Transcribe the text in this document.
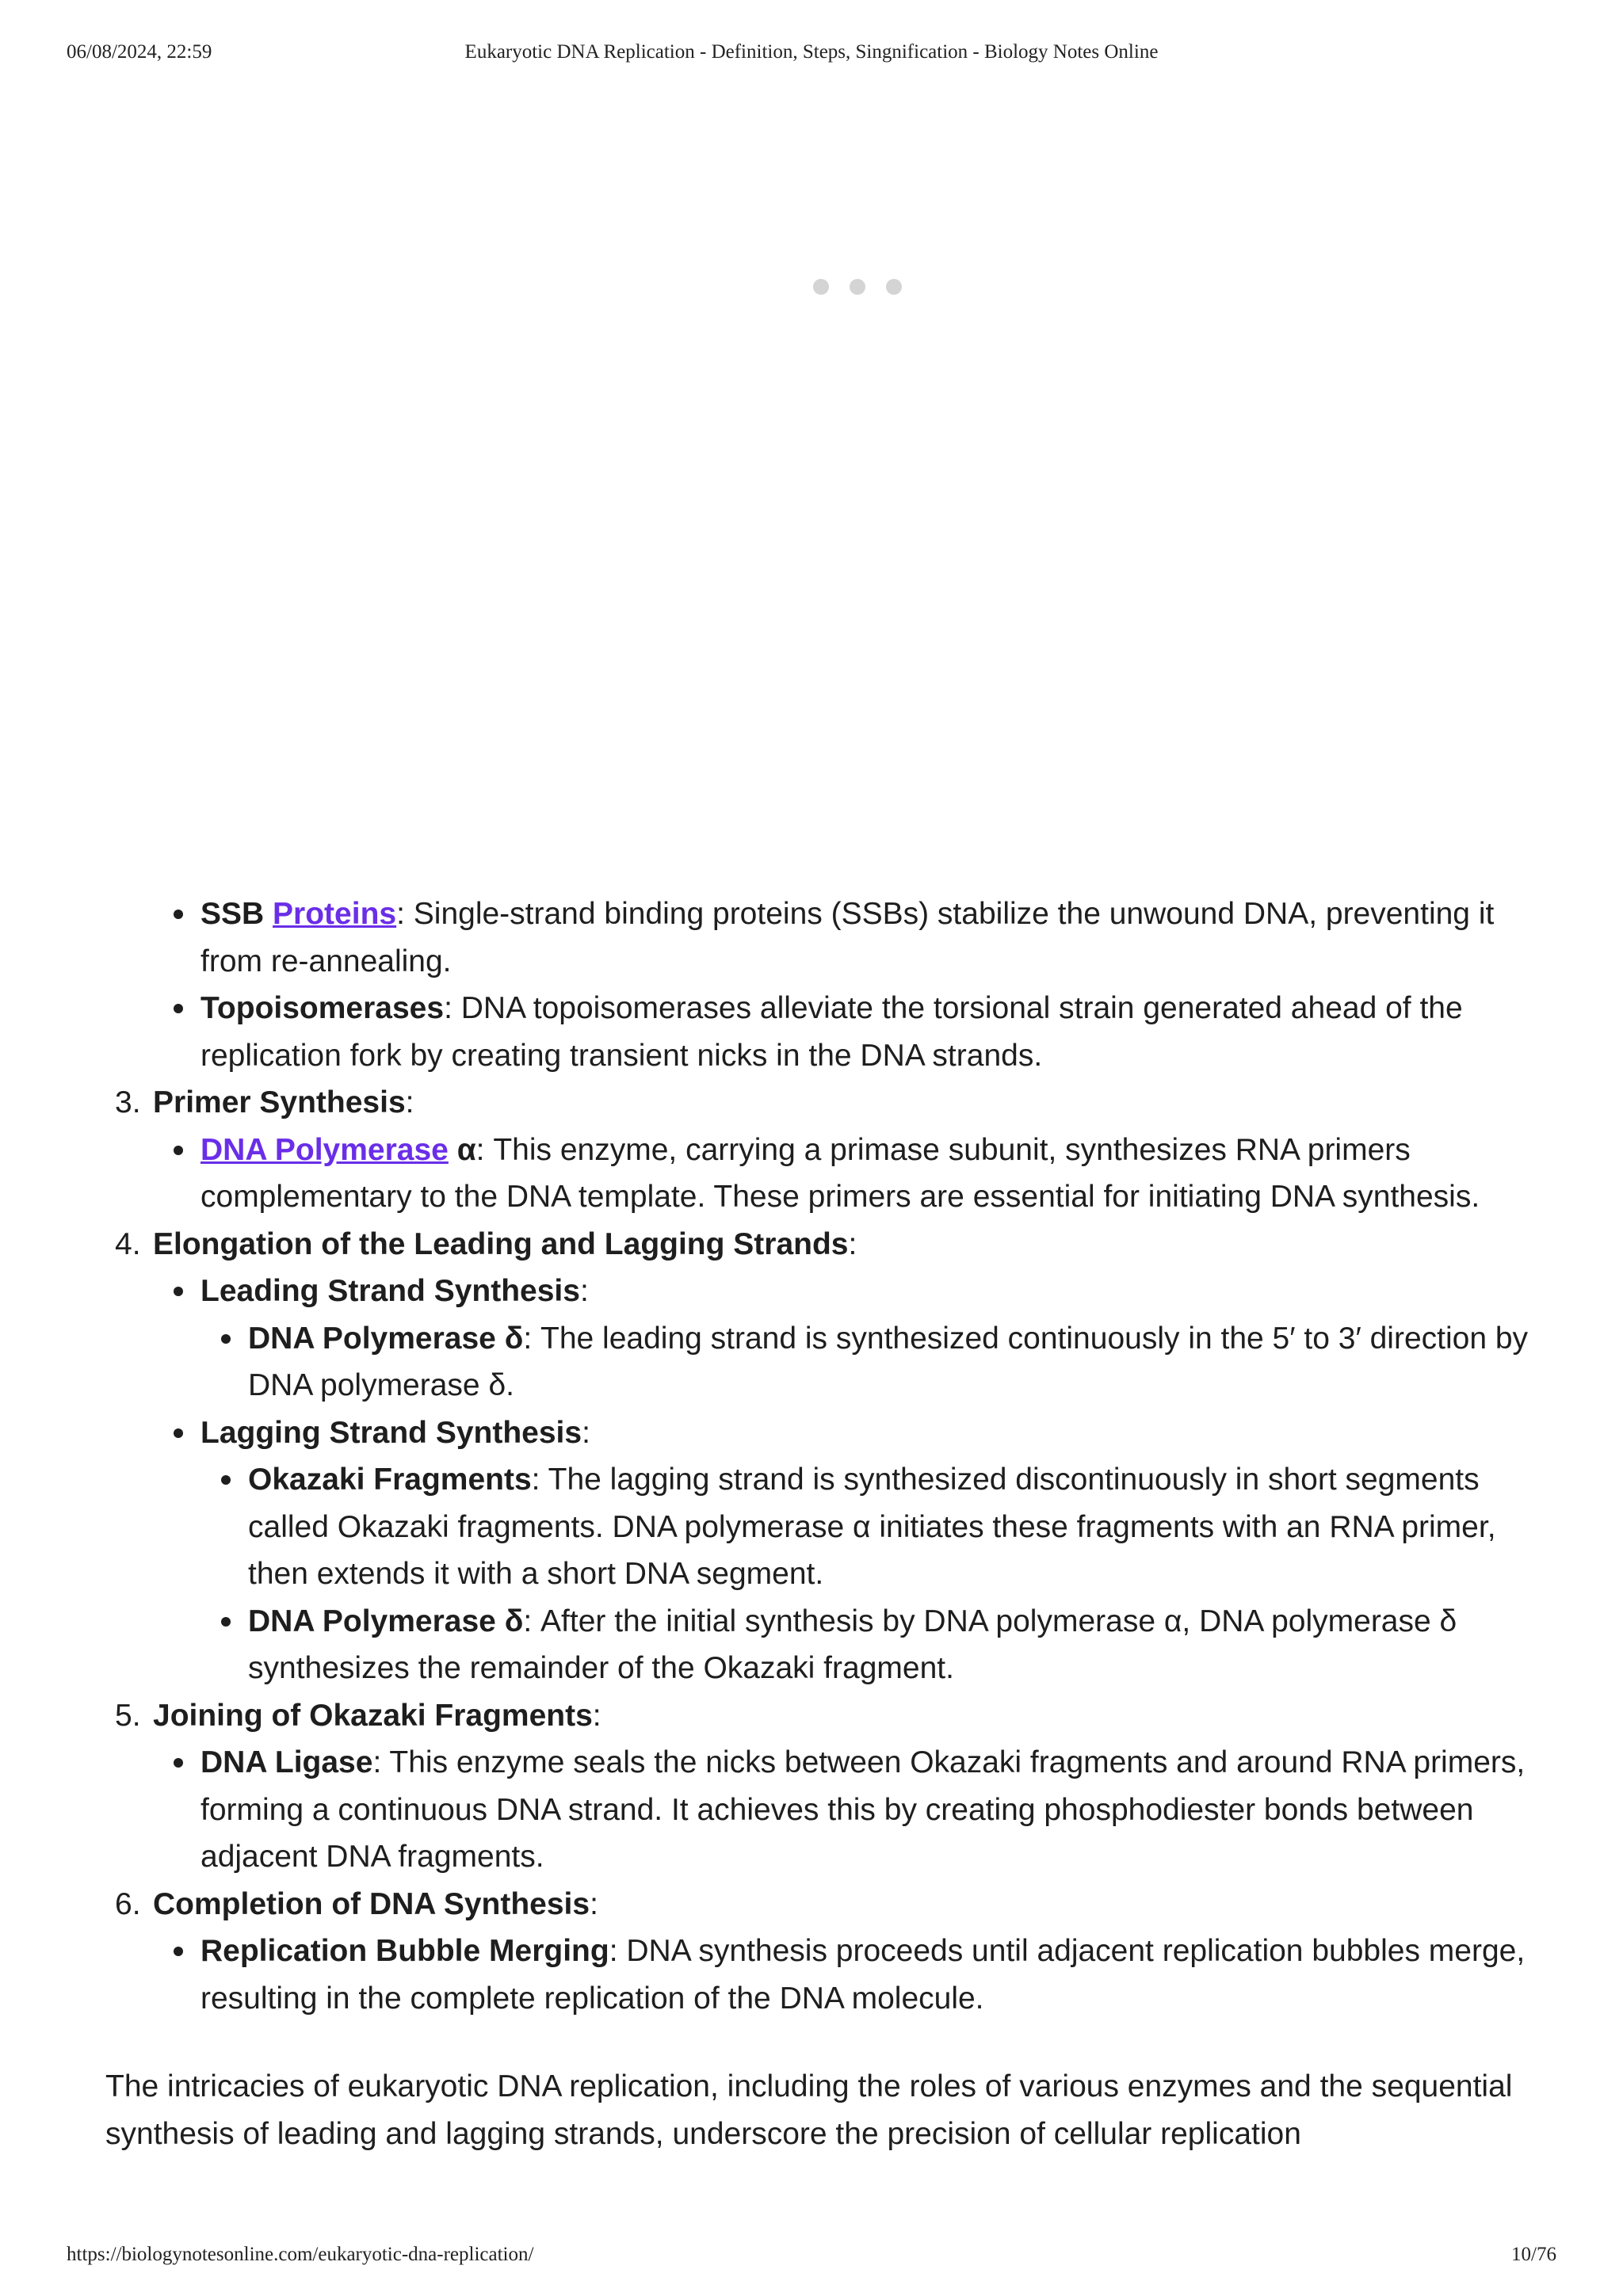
06/08/2024, 22:59	Eukaryotic DNA Replication - Definition, Steps, Singnification - Biology Notes Online
SSB Proteins: Single-strand binding proteins (SSBs) stabilize the unwound DNA, preventing it from re-annealing.
Topoisomerases: DNA topoisomerases alleviate the torsional strain generated ahead of the replication fork by creating transient nicks in the DNA strands.
3. Primer Synthesis:
DNA Polymerase α: This enzyme, carrying a primase subunit, synthesizes RNA primers complementary to the DNA template. These primers are essential for initiating DNA synthesis.
4. Elongation of the Leading and Lagging Strands:
Leading Strand Synthesis:
DNA Polymerase δ: The leading strand is synthesized continuously in the 5′ to 3′ direction by DNA polymerase δ.
Lagging Strand Synthesis:
Okazaki Fragments: The lagging strand is synthesized discontinuously in short segments called Okazaki fragments. DNA polymerase α initiates these fragments with an RNA primer, then extends it with a short DNA segment.
DNA Polymerase δ: After the initial synthesis by DNA polymerase α, DNA polymerase δ synthesizes the remainder of the Okazaki fragment.
5. Joining of Okazaki Fragments:
DNA Ligase: This enzyme seals the nicks between Okazaki fragments and around RNA primers, forming a continuous DNA strand. It achieves this by creating phosphodiester bonds between adjacent DNA fragments.
6. Completion of DNA Synthesis:
Replication Bubble Merging: DNA synthesis proceeds until adjacent replication bubbles merge, resulting in the complete replication of the DNA molecule.

The intricacies of eukaryotic DNA replication, including the roles of various enzymes and the sequential synthesis of leading and lagging strands, underscore the precision of cellular replication

https://biologynotesonline.com/eukaryotic-dna-replication/	10/76
